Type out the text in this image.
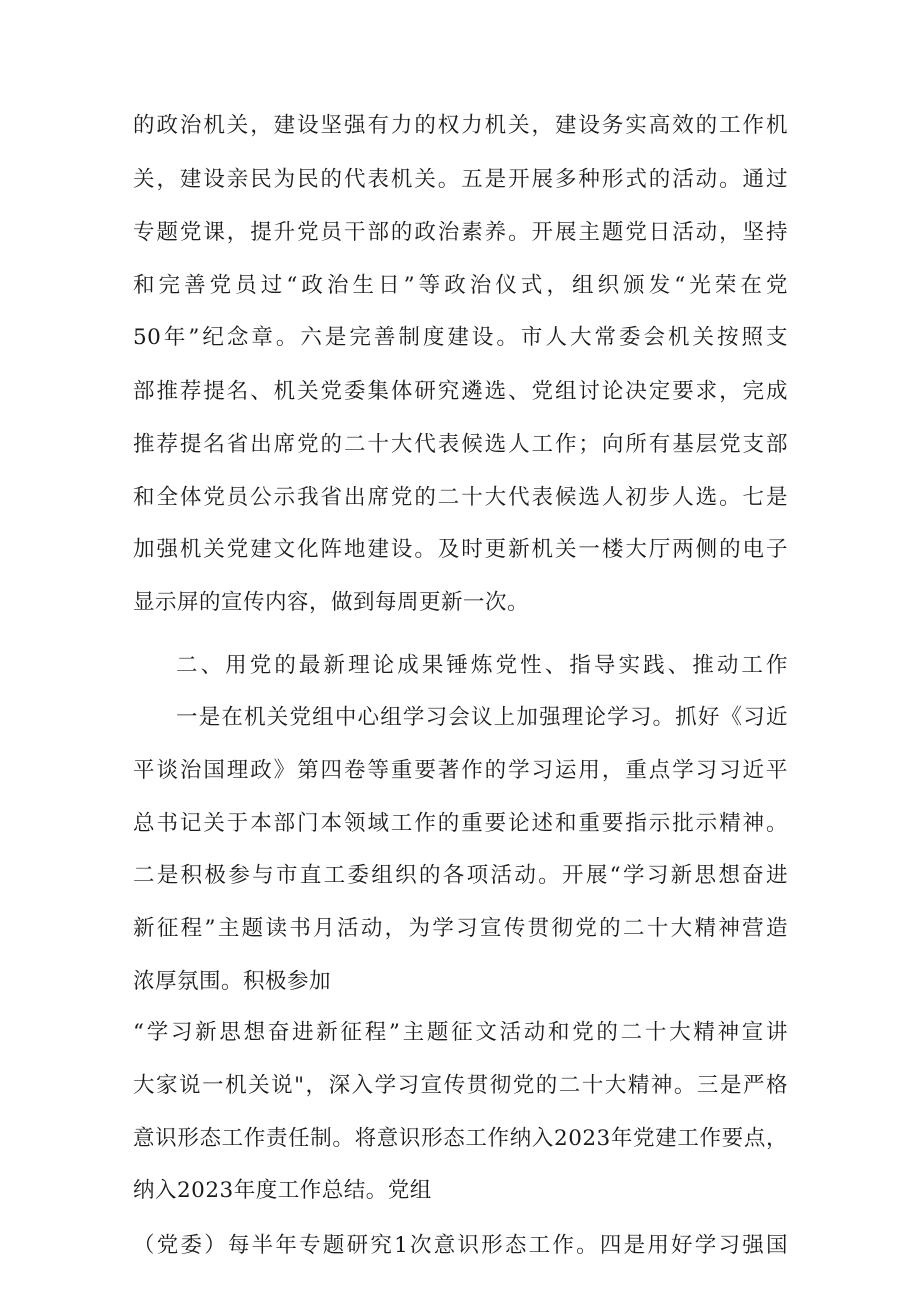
的政治机关，建设坚强有力的权力机关，建设务实高效的工作机
关，建设亲民为民的代表机关。五是开展多种形式的活动。通过
专题党课，提升党员干部的政治素养。开展主题党日活动，坚持
和完善党员过“政治生日”等政治仪式，组织颁发“光荣在党
50年”纪念章。六是完善制度建设。市人大常委会机关按照支
部推荐提名、机关党委集体研究遴选、党组讨论决定要求，完成
推荐提名省出席党的二十大代表候选人工作；向所有基层党支部
和全体党员公示我省出席党的二十大代表候选人初步人选。七是
加强机关党建文化阵地建设。及时更新机关一楼大厅两侧的电子
显示屏的宣传内容，做到每周更新一次。
二、用党的最新理论成果锤炼党性、指导实践、推动工作
一是在机关党组中心组学习会议上加强理论学习。抓好《习近
平谈治国理政》第四卷等重要著作的学习运用，重点学习习近平
总书记关于本部门本领域工作的重要论述和重要指示批示精神。
二是积极参与市直工委组织的各项活动。开展“学习新思想奋进
新征程”主题读书月活动，为学习宣传贯彻党的二十大精神营造
浓厚氛围。积极参加
“学习新思想奋进新征程”主题征文活动和党的二十大精神宣讲
大家说一机关说"，深入学习宣传贯彻党的二十大精神。三是严格
意识形态工作责任制。将意识形态工作纳入2023年党建工作要点，
纳入2023年度工作总结。党组
（党委）每半年专题研究1次意识形态工作。四是用好学习强国
